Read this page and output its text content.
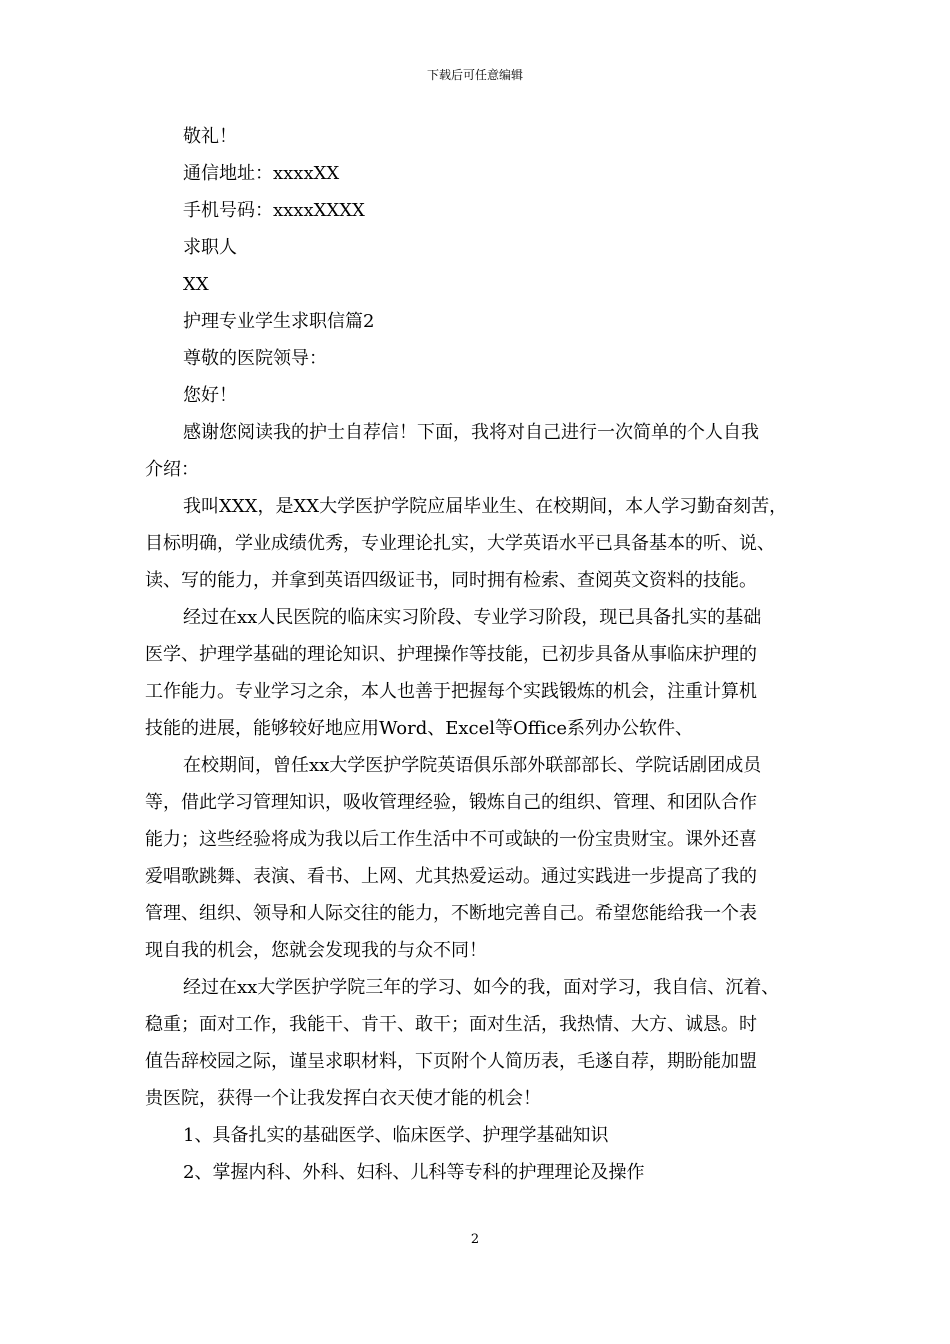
下载后可任意编辑
敬礼！
通信地址：xxxxXX
手机号码：xxxxXXXX
求职人
XX
护理专业学生求职信篇2
尊敬的医院领导：
您好！
感谢您阅读我的护士自荐信！下面，我将对自己进行一次简单的个人自我
介绍：
我叫XXX，是XX大学医护学院应届毕业生、在校期间，本人学习勤奋刻苦，
目标明确，学业成绩优秀，专业理论扎实，大学英语水平已具备基本的听、说、
读、写的能力，并拿到英语四级证书，同时拥有检索、查阅英文资料的技能。
经过在xx人民医院的临床实习阶段、专业学习阶段，现已具备扎实的基础
医学、护理学基础的理论知识、护理操作等技能，已初步具备从事临床护理的
工作能力。专业学习之余，本人也善于把握每个实践锻炼的机会，注重计算机
技能的进展，能够较好地应用Word、Excel等Office系列办公软件、
在校期间，曾任xx大学医护学院英语俱乐部外联部部长、学院话剧团成员
等，借此学习管理知识，吸收管理经验，锻炼自己的组织、管理、和团队合作
能力；这些经验将成为我以后工作生活中不可或缺的一份宝贵财宝。课外还喜
爱唱歌跳舞、表演、看书、上网、尤其热爱运动。通过实践进一步提高了我的
管理、组织、领导和人际交往的能力，不断地完善自己。希望您能给我一个表
现自我的机会，您就会发现我的与众不同！
经过在xx大学医护学院三年的学习、如今的我，面对学习，我自信、沉着、
稳重；面对工作，我能干、肯干、敢干；面对生活，我热情、大方、诚恳。时
值告辞校园之际，谨呈求职材料，下页附个人简历表，毛遂自荐，期盼能加盟
贵医院，获得一个让我发挥白衣天使才能的机会！
1、具备扎实的基础医学、临床医学、护理学基础知识
2、掌握内科、外科、妇科、儿科等专科的护理理论及操作
2
